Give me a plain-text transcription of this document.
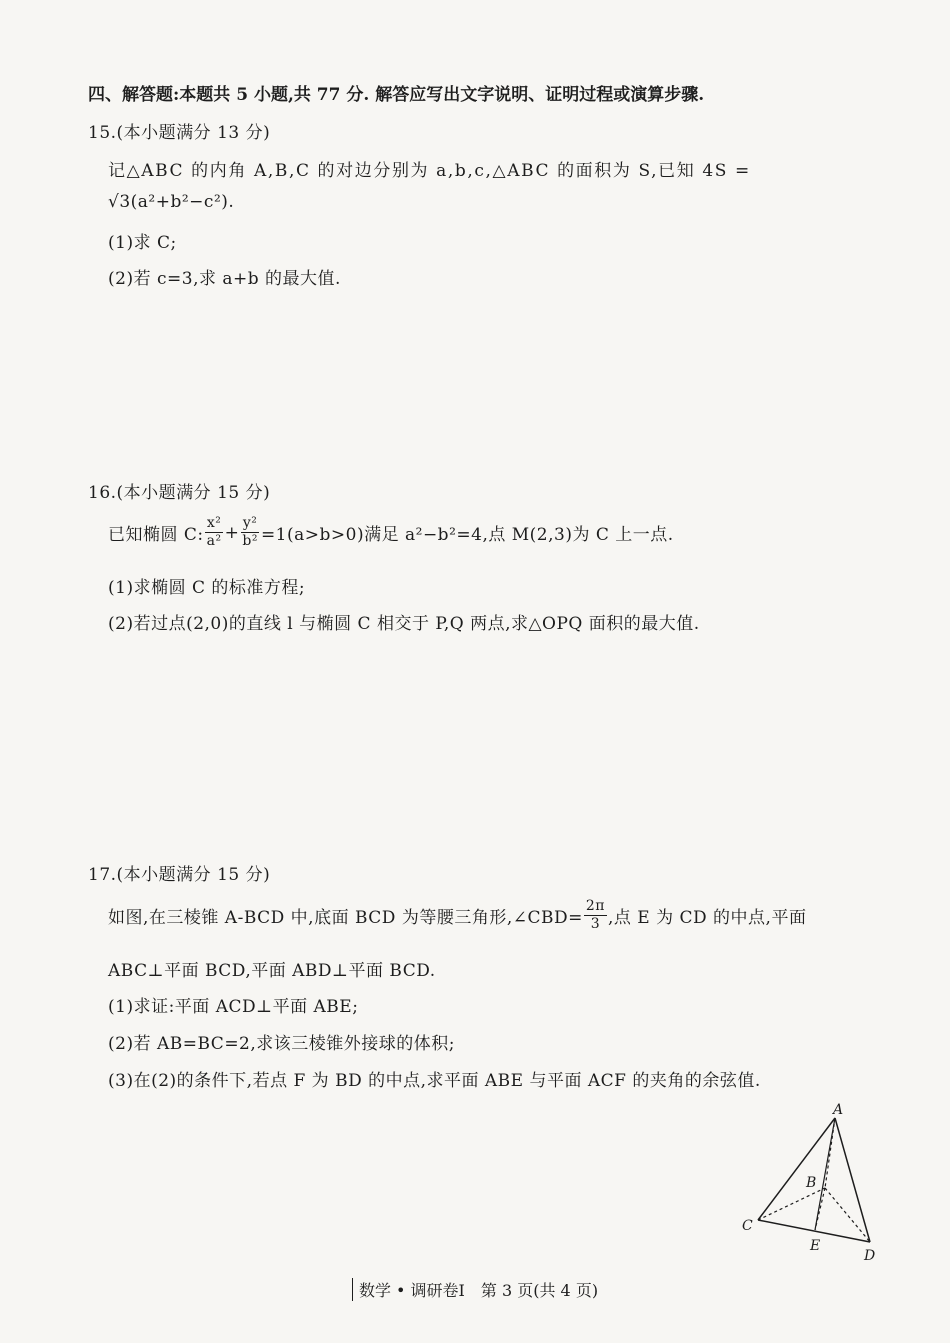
四、解答题:本题共 5 小题,共 77 分. 解答应写出文字说明、证明过程或演算步骤.
15.(本小题满分 13 分)
记△ABC 的内角 A,B,C 的对边分别为 a,b,c,△ABC 的面积为 S,已知 4S =
√3(a²+b²−c²).
(1)求 C;
(2)若 c=3,求 a+b 的最大值.
16.(本小题满分 15 分)
已知椭圆 C: $\frac{\text{x²}}{\text{a²}} + \frac{\text{y²}}{\text{b²}} =1(a>b>0)$满足 a²−b²=4,点 M(2,3)为 C 上一点.
(1)求椭圆 C 的标准方程;
(2)若过点(2,0)的直线 l 与椭圆 C 相交于 P,Q 两点,求△OPQ 面积的最大值.
17.(本小题满分 15 分)
如图,在三棱锥 A-BCD 中,底面 BCD 为等腰三角形,∠CBD= $\frac{2\pi}{3}$ ,点 E 为 CD 的中点,平面
ABC⊥平面 BCD,平面 ABD⊥平面 BCD.
(1)求证:平面 ACD⊥平面 ABE;
(2)若 AB=BC=2,求该三棱锥外接球的体积;
(3)在(2)的条件下,若点 F 为 BD 的中点,求平面 ABE 与平面 ACF 的夹角的余弦值.
A
B
C
D
E
数学 • 调研卷Ⅰ　第 3 页(共 4 页)
